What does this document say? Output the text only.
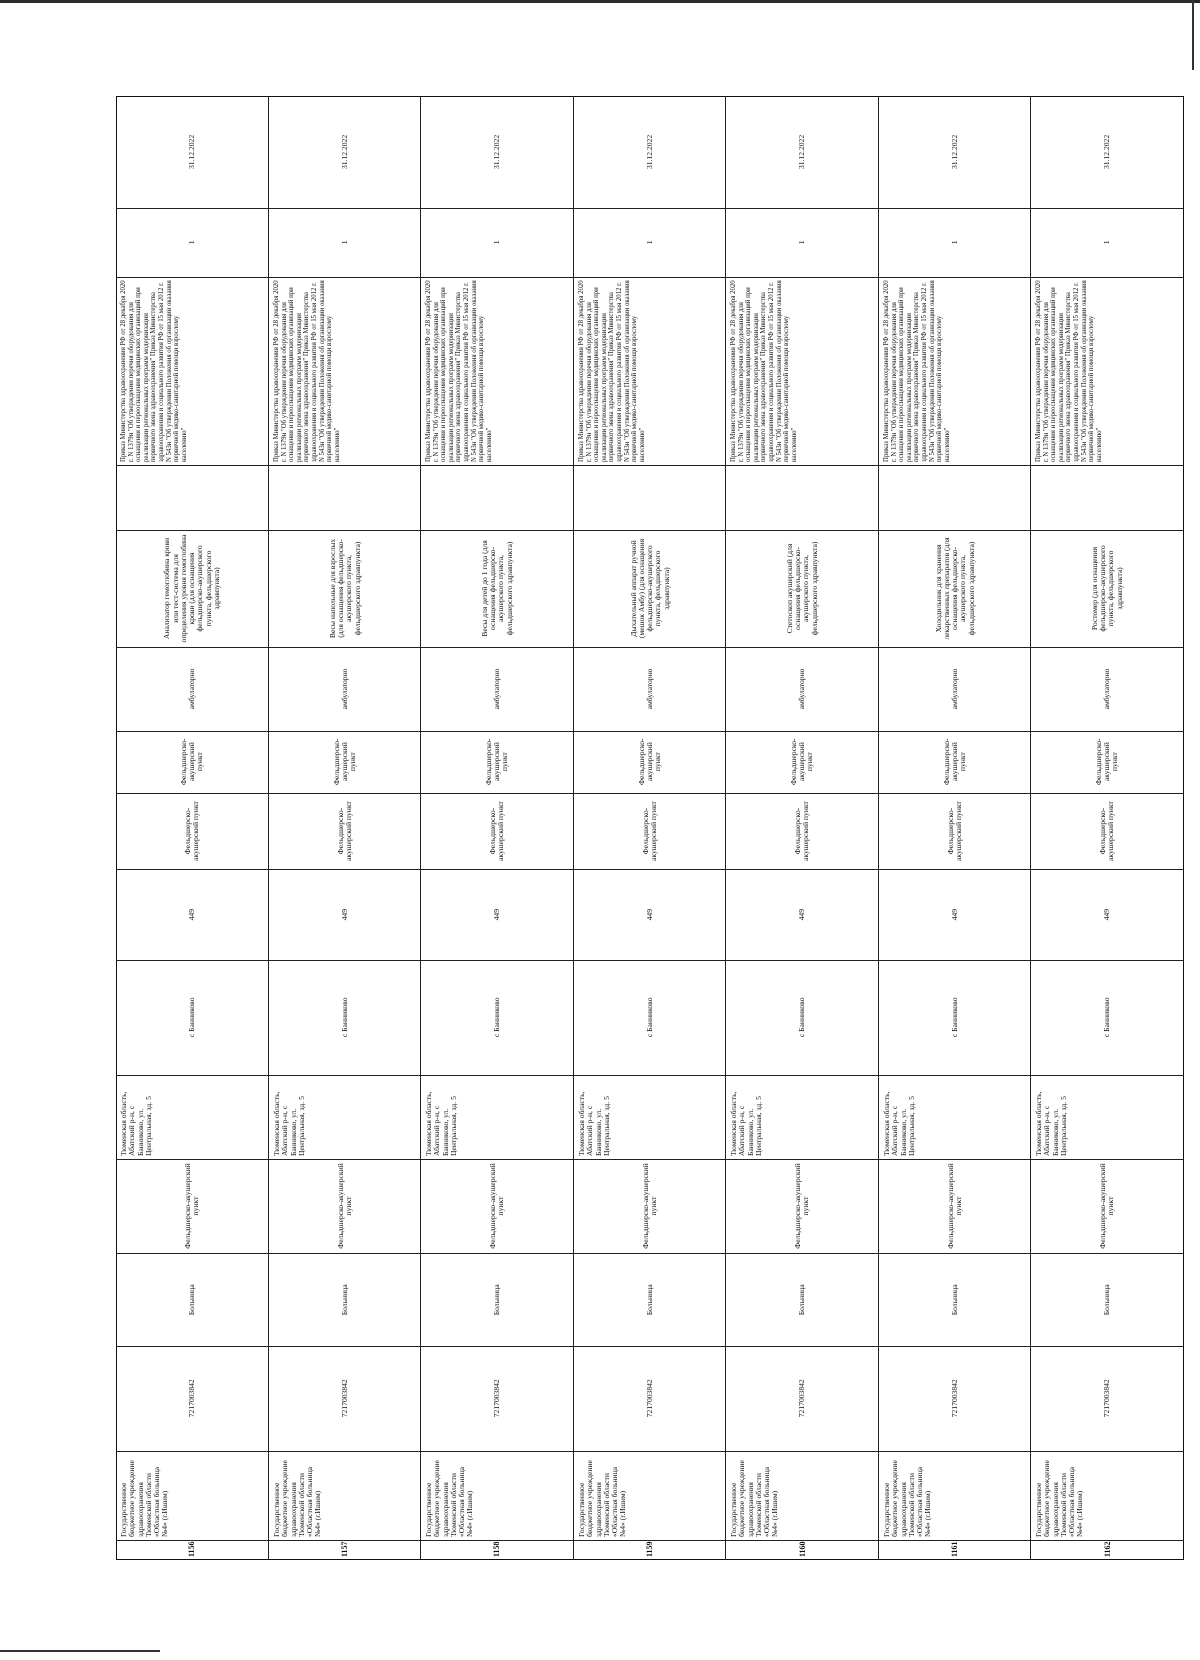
1156
Государственное бюджетное учреждение здравоохранения Тюменской области «Областная больница №4» (г.Ишим)
7217003842
Больница
Фельдшерско-акушерский пункт
Тюменская область, Абатский р-н, с Банниково, ул. Центральная, зд. 5
с Банниково
449
Фельдшерско-акушерский пункт
Фельдшерско-акушерский пункт
амбулаторно
Анализатор гемоглобина крови или тест-система для определения уровня гемоглобина крови (для оснащения фельдшерско-акушерского пункта, фельдшерского здравпункта)
Приказ Министерства здравоохранения РФ от 28 декабря 2020 г. N 1379н "Об утверждении перечня оборудования для оснащения и переоснащения медицинских организаций при реализации региональных программ модернизации первичного звена здравоохранения" Приказ Министерства здравоохранения и социального развития РФ от 15 мая 2012 г. N 543н "Об утверждении Положения об организации оказания первичной медико-санитарной помощи взрослому населению"
1
31.12.2022
1157
Государственное бюджетное учреждение здравоохранения Тюменской области «Областная больница №4» (г.Ишим)
7217003842
Больница
Фельдшерско-акушерский пункт
Тюменская область, Абатский р-н, с Банниково, ул. Центральная, зд. 5
с Банниково
449
Фельдшерско-акушерский пункт
Фельдшерско-акушерский пункт
амбулаторно
Весы напольные для взрослых (для оснащения фельдшерско-акушерского пункта, фельдшерского здравпункта)
Приказ Министерства здравоохранения РФ от 28 декабря 2020 г. N 1379н "Об утверждении перечня оборудования для оснащения и переоснащения медицинских организаций при реализации региональных программ модернизации первичного звена здравоохранения" Приказ Министерства здравоохранения и социального развития РФ от 15 мая 2012 г. N 543н "Об утверждении Положения об организации оказания первичной медико-санитарной помощи взрослому населению"
1
31.12.2022
1158
Государственное бюджетное учреждение здравоохранения Тюменской области «Областная больница №4» (г.Ишим)
7217003842
Больница
Фельдшерско-акушерский пункт
Тюменская область, Абатский р-н, с Банниково, ул. Центральная, зд. 5
с Банниково
449
Фельдшерско-акушерский пункт
Фельдшерско-акушерский пункт
амбулаторно
Весы для детей до 1 года (для оснащения фельдшерско-акушерского пункта, фельдшерского здравпункта)
Приказ Министерства здравоохранения РФ от 28 декабря 2020 г. N 1379н "Об утверждении перечня оборудования для оснащения и переоснащения медицинских организаций при реализации региональных программ модернизации первичного звена здравоохранения" Приказ Министерства здравоохранения и социального развития РФ от 15 мая 2012 г. N 543н "Об утверждении Положения об организации оказания первичной медико-санитарной помощи взрослому населению"
1
31.12.2022
1159
Государственное бюджетное учреждение здравоохранения Тюменской области «Областная больница №4» (г.Ишим)
7217003842
Больница
Фельдшерско-акушерский пункт
Тюменская область, Абатский р-н, с Банниково, ул. Центральная, зд. 5
с Банниково
449
Фельдшерско-акушерский пункт
Фельдшерско-акушерский пункт
амбулаторно
Дыхательный аппарат ручной (мешок Амбу) (для оснащения фельдшерско-акушерского пункта, фельдшерского здравпункта)
Приказ Министерства здравоохранения РФ от 28 декабря 2020 г. N 1379н "Об утверждении перечня оборудования для оснащения и переоснащения медицинских организаций при реализации региональных программ модернизации первичного звена здравоохранения" Приказ Министерства здравоохранения и социального развития РФ от 15 мая 2012 г. N 543н "Об утверждении Положения об организации оказания первичной медико-санитарной помощи взрослому населению"
1
31.12.2022
1160
Государственное бюджетное учреждение здравоохранения Тюменской области «Областная больница №4» (г.Ишим)
7217003842
Больница
Фельдшерско-акушерский пункт
Тюменская область, Абатский р-н, с Банниково, ул. Центральная, зд. 5
с Банниково
449
Фельдшерско-акушерский пункт
Фельдшерско-акушерский пункт
амбулаторно
Стетоскоп акушерский (для оснащения фельдшерско-акушерского пункта, фельдшерского здравпункта)
Приказ Министерства здравоохранения РФ от 28 декабря 2020 г. N 1379н "Об утверждении перечня оборудования для оснащения и переоснащения медицинских организаций при реализации региональных программ модернизации первичного звена здравоохранения" Приказ Министерства здравоохранения и социального развития РФ от 15 мая 2012 г. N 543н "Об утверждении Положения об организации оказания первичной медико-санитарной помощи взрослому населению"
1
31.12.2022
1161
Государственное бюджетное учреждение здравоохранения Тюменской области «Областная больница №4» (г.Ишим)
7217003842
Больница
Фельдшерско-акушерский пункт
Тюменская область, Абатский р-н, с Банниково, ул. Центральная, зд. 5
с Банниково
449
Фельдшерско-акушерский пункт
Фельдшерско-акушерский пункт
амбулаторно
Холодильник для хранения лекарственных препаратов (для оснащения фельдшерско-акушерского пункта, фельдшерского здравпункта)
Приказ Министерства здравоохранения РФ от 28 декабря 2020 г. N 1379н "Об утверждении перечня оборудования для оснащения и переоснащения медицинских организаций при реализации региональных программ модернизации первичного звена здравоохранения" Приказ Министерства здравоохранения и социального развития РФ от 15 мая 2012 г. N 543н "Об утверждении Положения об организации оказания первичной медико-санитарной помощи взрослому населению"
1
31.12.2022
1162
Государственное бюджетное учреждение здравоохранения Тюменской области «Областная больница №4» (г.Ишим)
7217003842
Больница
Фельдшерско-акушерский пункт
Тюменская область, Абатский р-н, с Банниково, ул. Центральная, зд. 5
с Банниково
449
Фельдшерско-акушерский пункт
Фельдшерско-акушерский пункт
амбулаторно
Ростомер (для оснащения фельдшерско-акушерского пункта, фельдшерского здравпункта)
Приказ Министерства здравоохранения РФ от 28 декабря 2020 г. N 1379н "Об утверждении перечня оборудования для оснащения и переоснащения медицинских организаций при реализации региональных программ модернизации первичного звена здравоохранения" Приказ Министерства здравоохранения и социального развития РФ от 15 мая 2012 г. N 543н "Об утверждении Положения об организации оказания первичной медико-санитарной помощи взрослому населению"
1
31.12.2022
